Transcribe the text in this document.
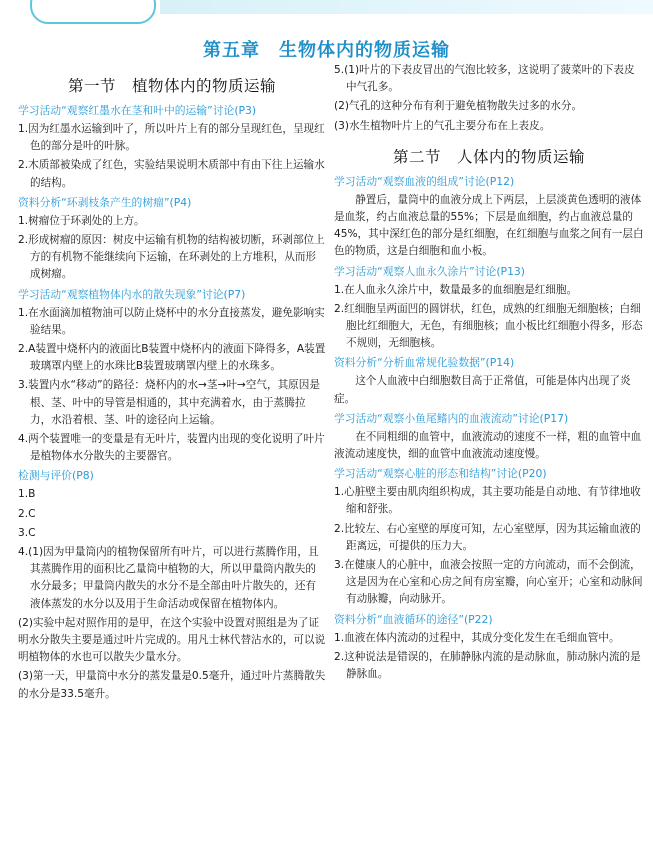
第五章　生物体内的物质运输
第一节　植物体内的物质运输
学习活动“观察红墨水在茎和叶中的运输”讨论(P3)
1.因为红墨水运输到叶了，所以叶片上有的部分呈现红色，呈现红色的部分是叶的叶脉。
2.木质部被染成了红色，实验结果说明木质部中有由下往上运输水的结构。
资料分析“环剥枝条产生的树瘤”(P4)
1.树瘤位于环剥处的上方。
2.形成树瘤的原因：树皮中运输有机物的结构被切断，环剥部位上方的有机物不能继续向下运输，在环剥处的上方堆积，从而形成树瘤。
学习活动“观察植物体内水的散失现象”讨论(P7)
1.在水面滴加植物油可以防止烧杯中的水分直接蒸发，避免影响实验结果。
2.A装置中烧杯内的液面比B装置中烧杯内的液面下降得多，A装置玻璃罩内壁上的水珠比B装置玻璃罩内壁上的水珠多。
3.装置内水“移动”的路径：烧杯内的水→茎→叶→空气，其原因是根、茎、叶中的导管是相通的，其中充满着水，由于蒸腾拉力，水沿着根、茎、叶的途径向上运输。
4.两个装置唯一的变量是有无叶片，装置内出现的变化说明了叶片是植物体水分散失的主要器官。
检测与评价(P8)
1.B
2.C
3.C
4.(1)因为甲量筒内的植物保留所有叶片，可以进行蒸腾作用，且其蒸腾作用的面积比乙量筒中植物的大，所以甲量筒内散失的水分最多；甲量筒内散失的水分不是全部由叶片散失的，还有液体蒸发的水分以及用于生命活动或保留在植物体内。
(2)实验中起对照作用的是甲，在这个实验中设置对照组是为了证明水分散失主要是通过叶片完成的。用凡士林代替沾水的，可以说明植物体的水也可以散失少量水分。
(3)第一天，甲量筒中水分的蒸发量是0.5毫升，通过叶片蒸腾散失的水分是33.5毫升。
5.(1)叶片的下表皮冒出的气泡比较多，这说明了菠菜叶的下表皮中气孔多。
(2)气孔的这种分布有利于避免植物散失过多的水分。
(3)水生植物叶片上的气孔主要分布在上表皮。
第二节　人体内的物质运输
学习活动“观察血液的组成”讨论(P12)
静置后，量筒中的血液分成上下两层，上层淡黄色透明的液体是血浆，约占血液总量的55%；下层是血细胞，约占血液总量的45%，其中深红色的部分是红细胞，在红细胞与血浆之间有一层白色的物质，这是白细胞和血小板。
学习活动“观察人血永久涂片”讨论(P13)
1.在人血永久涂片中，数量最多的血细胞是红细胞。
2.红细胞呈两面凹的圆饼状，红色，成熟的红细胞无细胞核；白细胞比红细胞大，无色，有细胞核；血小板比红细胞小得多，形态不规则，无细胞核。
资料分析“分析血常规化验数据”(P14)
这个人血液中白细胞数目高于正常值，可能是体内出现了炎症。
学习活动“观察小鱼尾鳍内的血液流动”讨论(P17)
在不同粗细的血管中，血液流动的速度不一样，粗的血管中血液流动速度快，细的血管中血液流动速度慢。
学习活动“观察心脏的形态和结构”讨论(P20)
1.心脏壁主要由肌肉组织构成，其主要功能是自动地、有节律地收缩和舒张。
2.比较左、右心室壁的厚度可知，左心室壁厚，因为其运输血液的距离远，可提供的压力大。
3.在健康人的心脏中，血液会按照一定的方向流动，而不会倒流，这是因为在心室和心房之间有房室瓣，向心室开；心室和动脉间有动脉瓣，向动脉开。
资料分析“血液循环的途径”(P22)
1.血液在体内流动的过程中，其成分变化发生在毛细血管中。
2.这种说法是错误的，在肺静脉内流的是动脉血，肺动脉内流的是静脉血。
